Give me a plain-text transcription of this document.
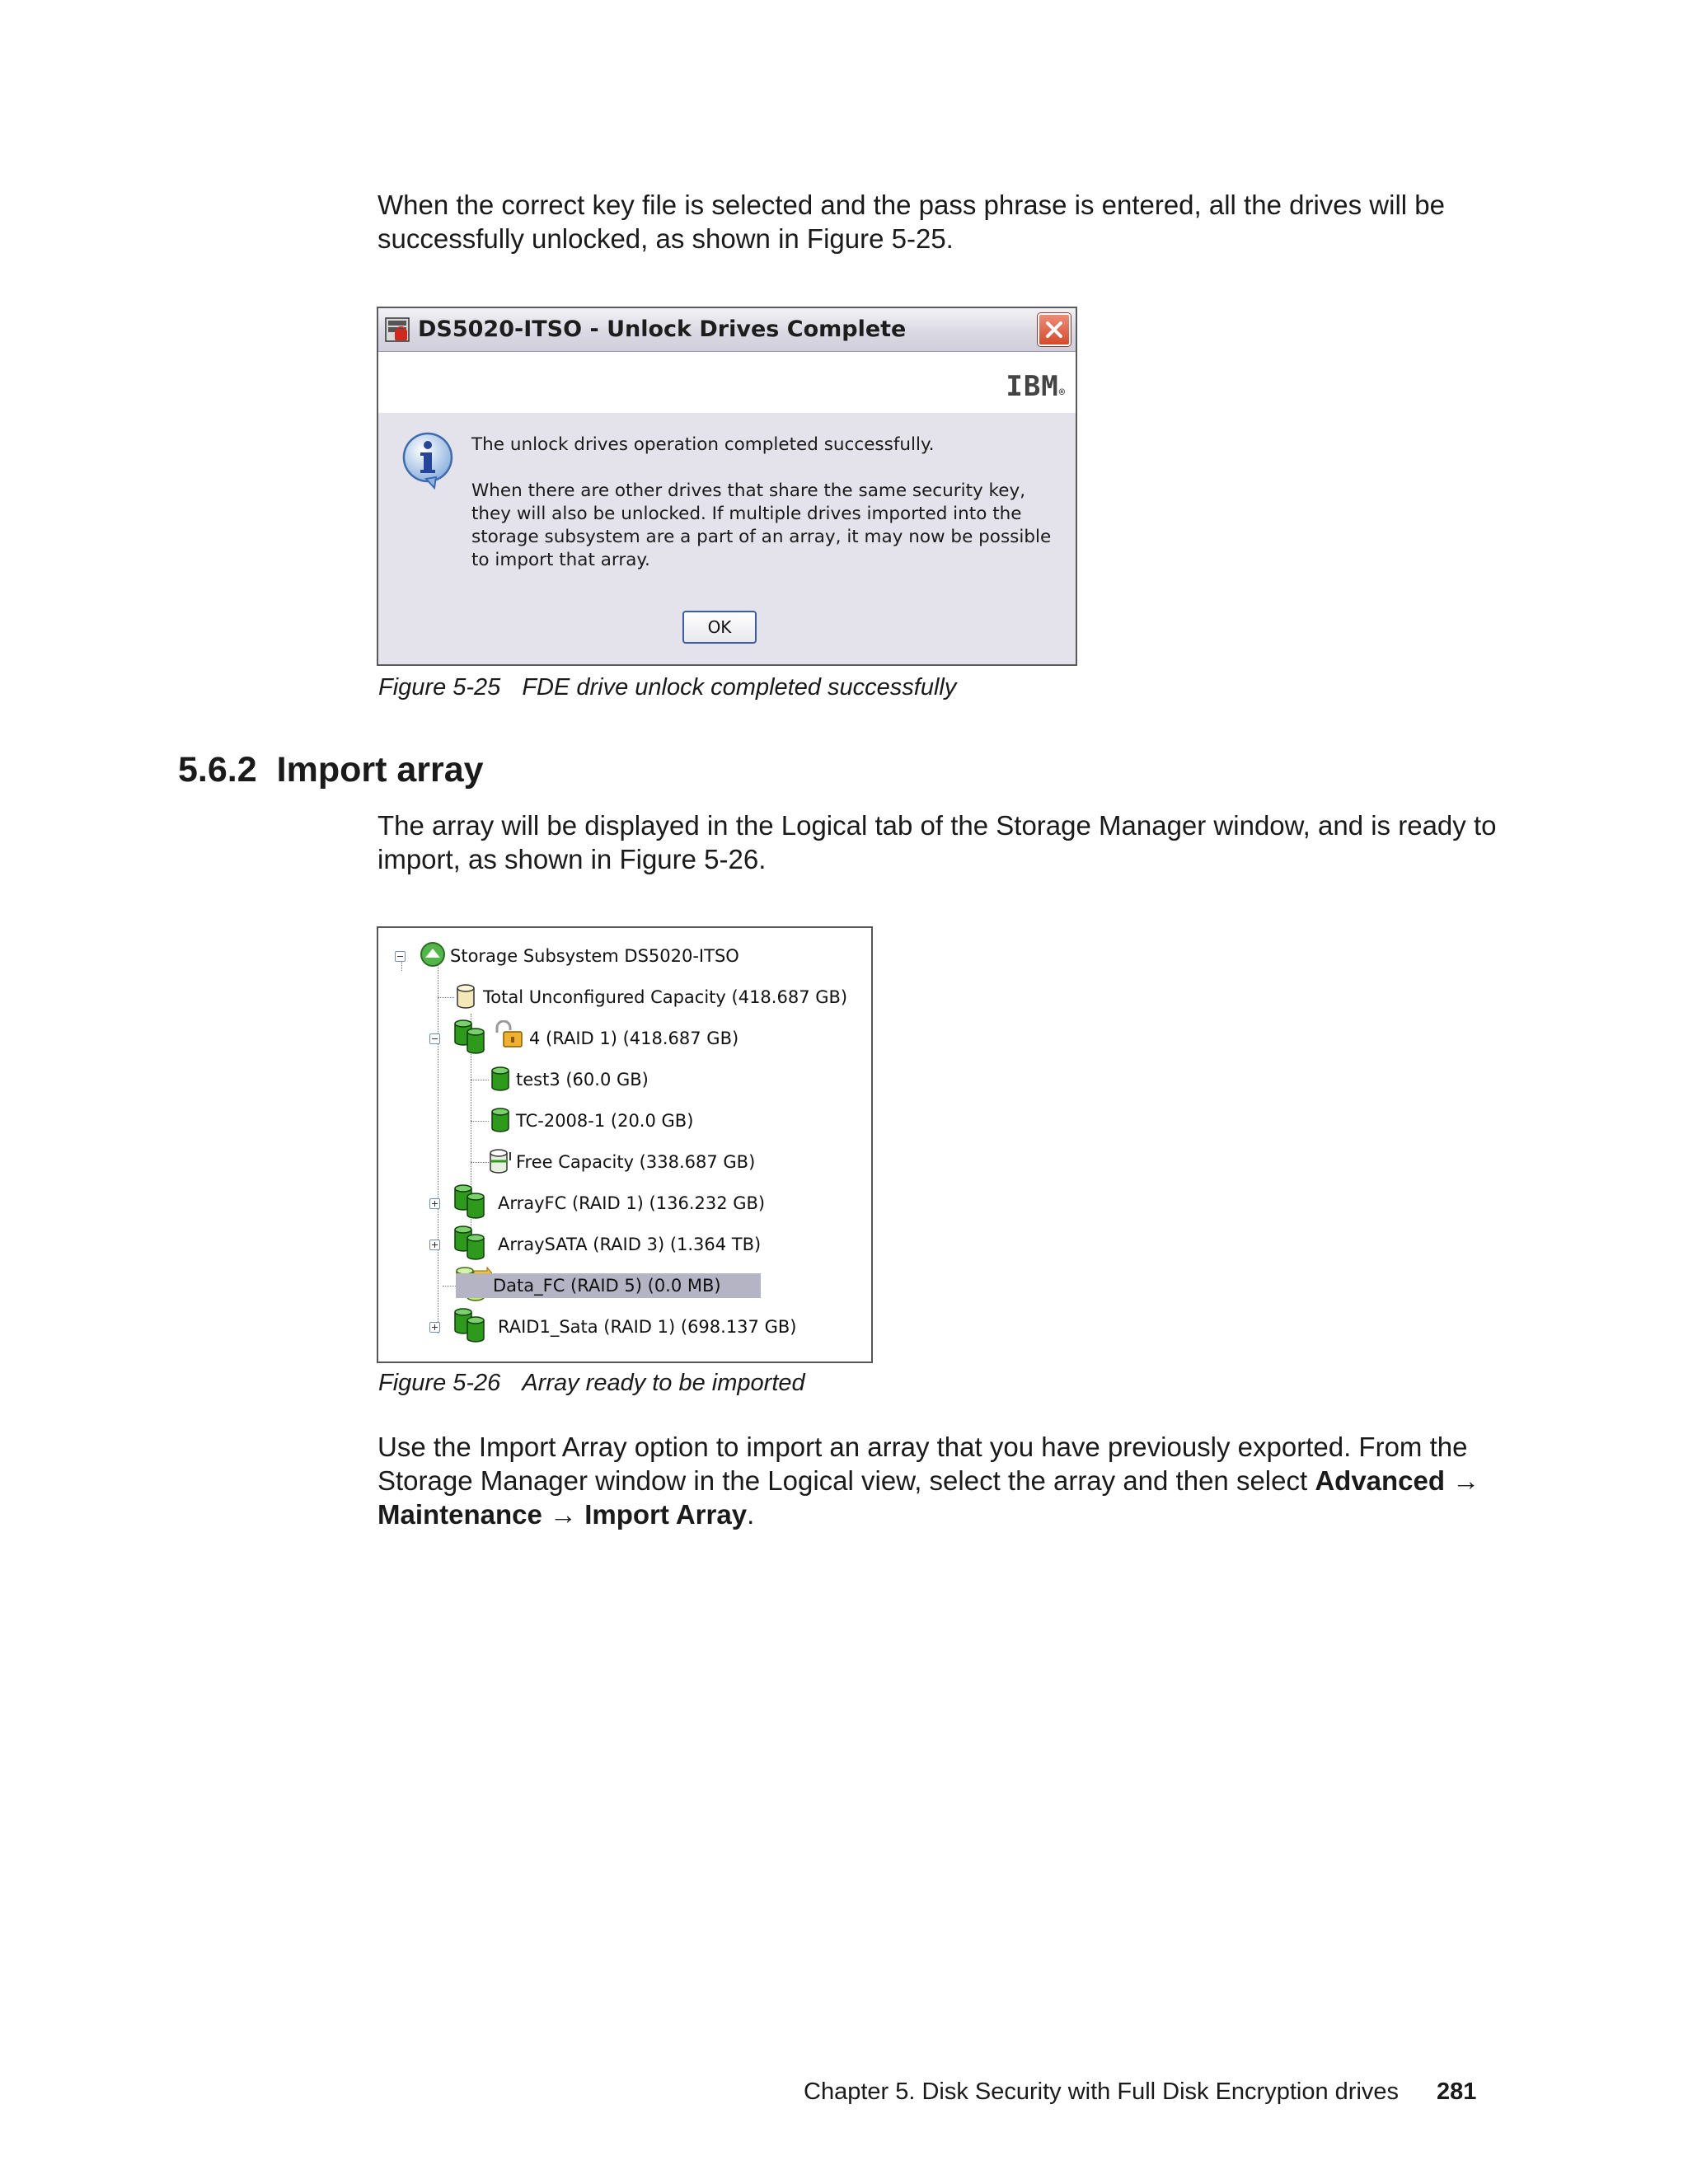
When the correct key file is selected and the pass phrase is entered, all the drives will be successfully unlocked, as shown in Figure 5-25.

DS5020-ITSO - Unlock Drives Complete
IBM®

The unlock drives operation completed successfully.

When there are other drives that share the same security key, they will also be unlocked. If multiple drives imported into the storage subsystem are a part of an array, it may now be possible to import that array.

OK

Figure 5-25 FDE drive unlock completed successfully

5.6.2 Import array

The array will be displayed in the Logical tab of the Storage Manager window, and is ready to import, as shown in Figure 5-26.

Storage Subsystem DS5020-ITSO
Total Unconfigured Capacity (418.687 GB)
4 (RAID 1) (418.687 GB)
test3 (60.0 GB)
TC-2008-1 (20.0 GB)
Free Capacity (338.687 GB)
ArrayFC (RAID 1) (136.232 GB)
ArraySATA (RAID 3) (1.364 TB)
Data_FC (RAID 5) (0.0 MB)
RAID1_Sata (RAID 1) (698.137 GB)

Figure 5-26 Array ready to be imported

Use the Import Array option to import an array that you have previously exported. From the Storage Manager window in the Logical view, select the array and then select Advanced → Maintenance → Import Array.

Chapter 5. Disk Security with Full Disk Encryption drives 281
